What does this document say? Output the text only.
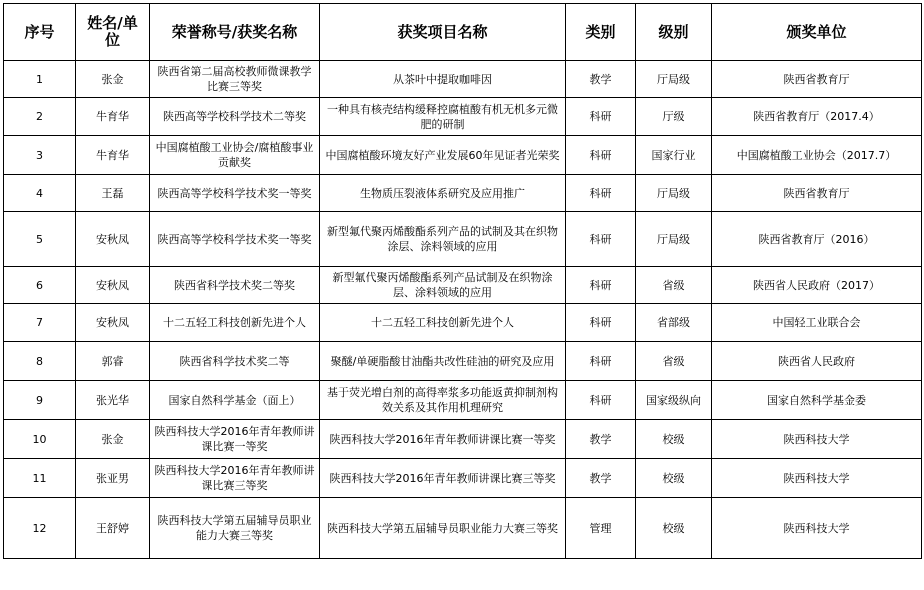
序号	姓名/单位	荣誉称号/获奖名称	获奖项目名称	类别	级别	颁奖单位
1	张金	陕西省第二届高校教师微课教学比赛三等奖	从茶叶中提取咖啡因	教学	厅局级	陕西省教育厅
2	牛育华	陕西高等学校科学技术二等奖	一种具有核壳结构缓释控腐植酸有机无机多元微肥的研制	科研	厅级	陕西省教育厅（2017.4）
3	牛育华	中国腐植酸工业协会/腐植酸事业贡献奖	中国腐植酸环境友好产业发展60年见证者光荣奖	科研	国家行业	中国腐植酸工业协会（2017.7）
4	王磊	陕西高等学校科学技术奖一等奖	生物质压裂液体系研究及应用推广	科研	厅局级	陕西省教育厅
5	安秋凤	陕西高等学校科学技术奖一等奖	新型氟代聚丙烯酸酯系列产品的试制及其在织物涂层、涂料领域的应用	科研	厅局级	陕西省教育厅（2016）
6	安秋凤	陕西省科学技术奖二等奖	新型氟代聚丙烯酸酯系列产品试制及在织物涂层、涂料领域的应用	科研	省级	陕西省人民政府（2017）
7	安秋凤	十二五轻工科技创新先进个人	十二五轻工科技创新先进个人	科研	省部级	中国轻工业联合会
8	郭睿	陕西省科学技术奖二等	聚醚/单硬脂酸甘油酯共改性硅油的研究及应用	科研	省级	陕西省人民政府
9	张光华	国家自然科学基金（面上）	基于荧光增白剂的高得率浆多功能返黄抑制剂构效关系及其作用机理研究	科研	国家级纵向	国家自然科学基金委
10	张金	陕西科技大学2016年青年教师讲课比赛一等奖	陕西科技大学2016年青年教师讲课比赛一等奖	教学	校级	陕西科技大学
11	张亚男	陕西科技大学2016年青年教师讲课比赛三等奖	陕西科技大学2016年青年教师讲课比赛三等奖	教学	校级	陕西科技大学
12	王舒婷	陕西科技大学第五届辅导员职业能力大赛三等奖	陕西科技大学第五届辅导员职业能力大赛三等奖	管理	校级	陕西科技大学
